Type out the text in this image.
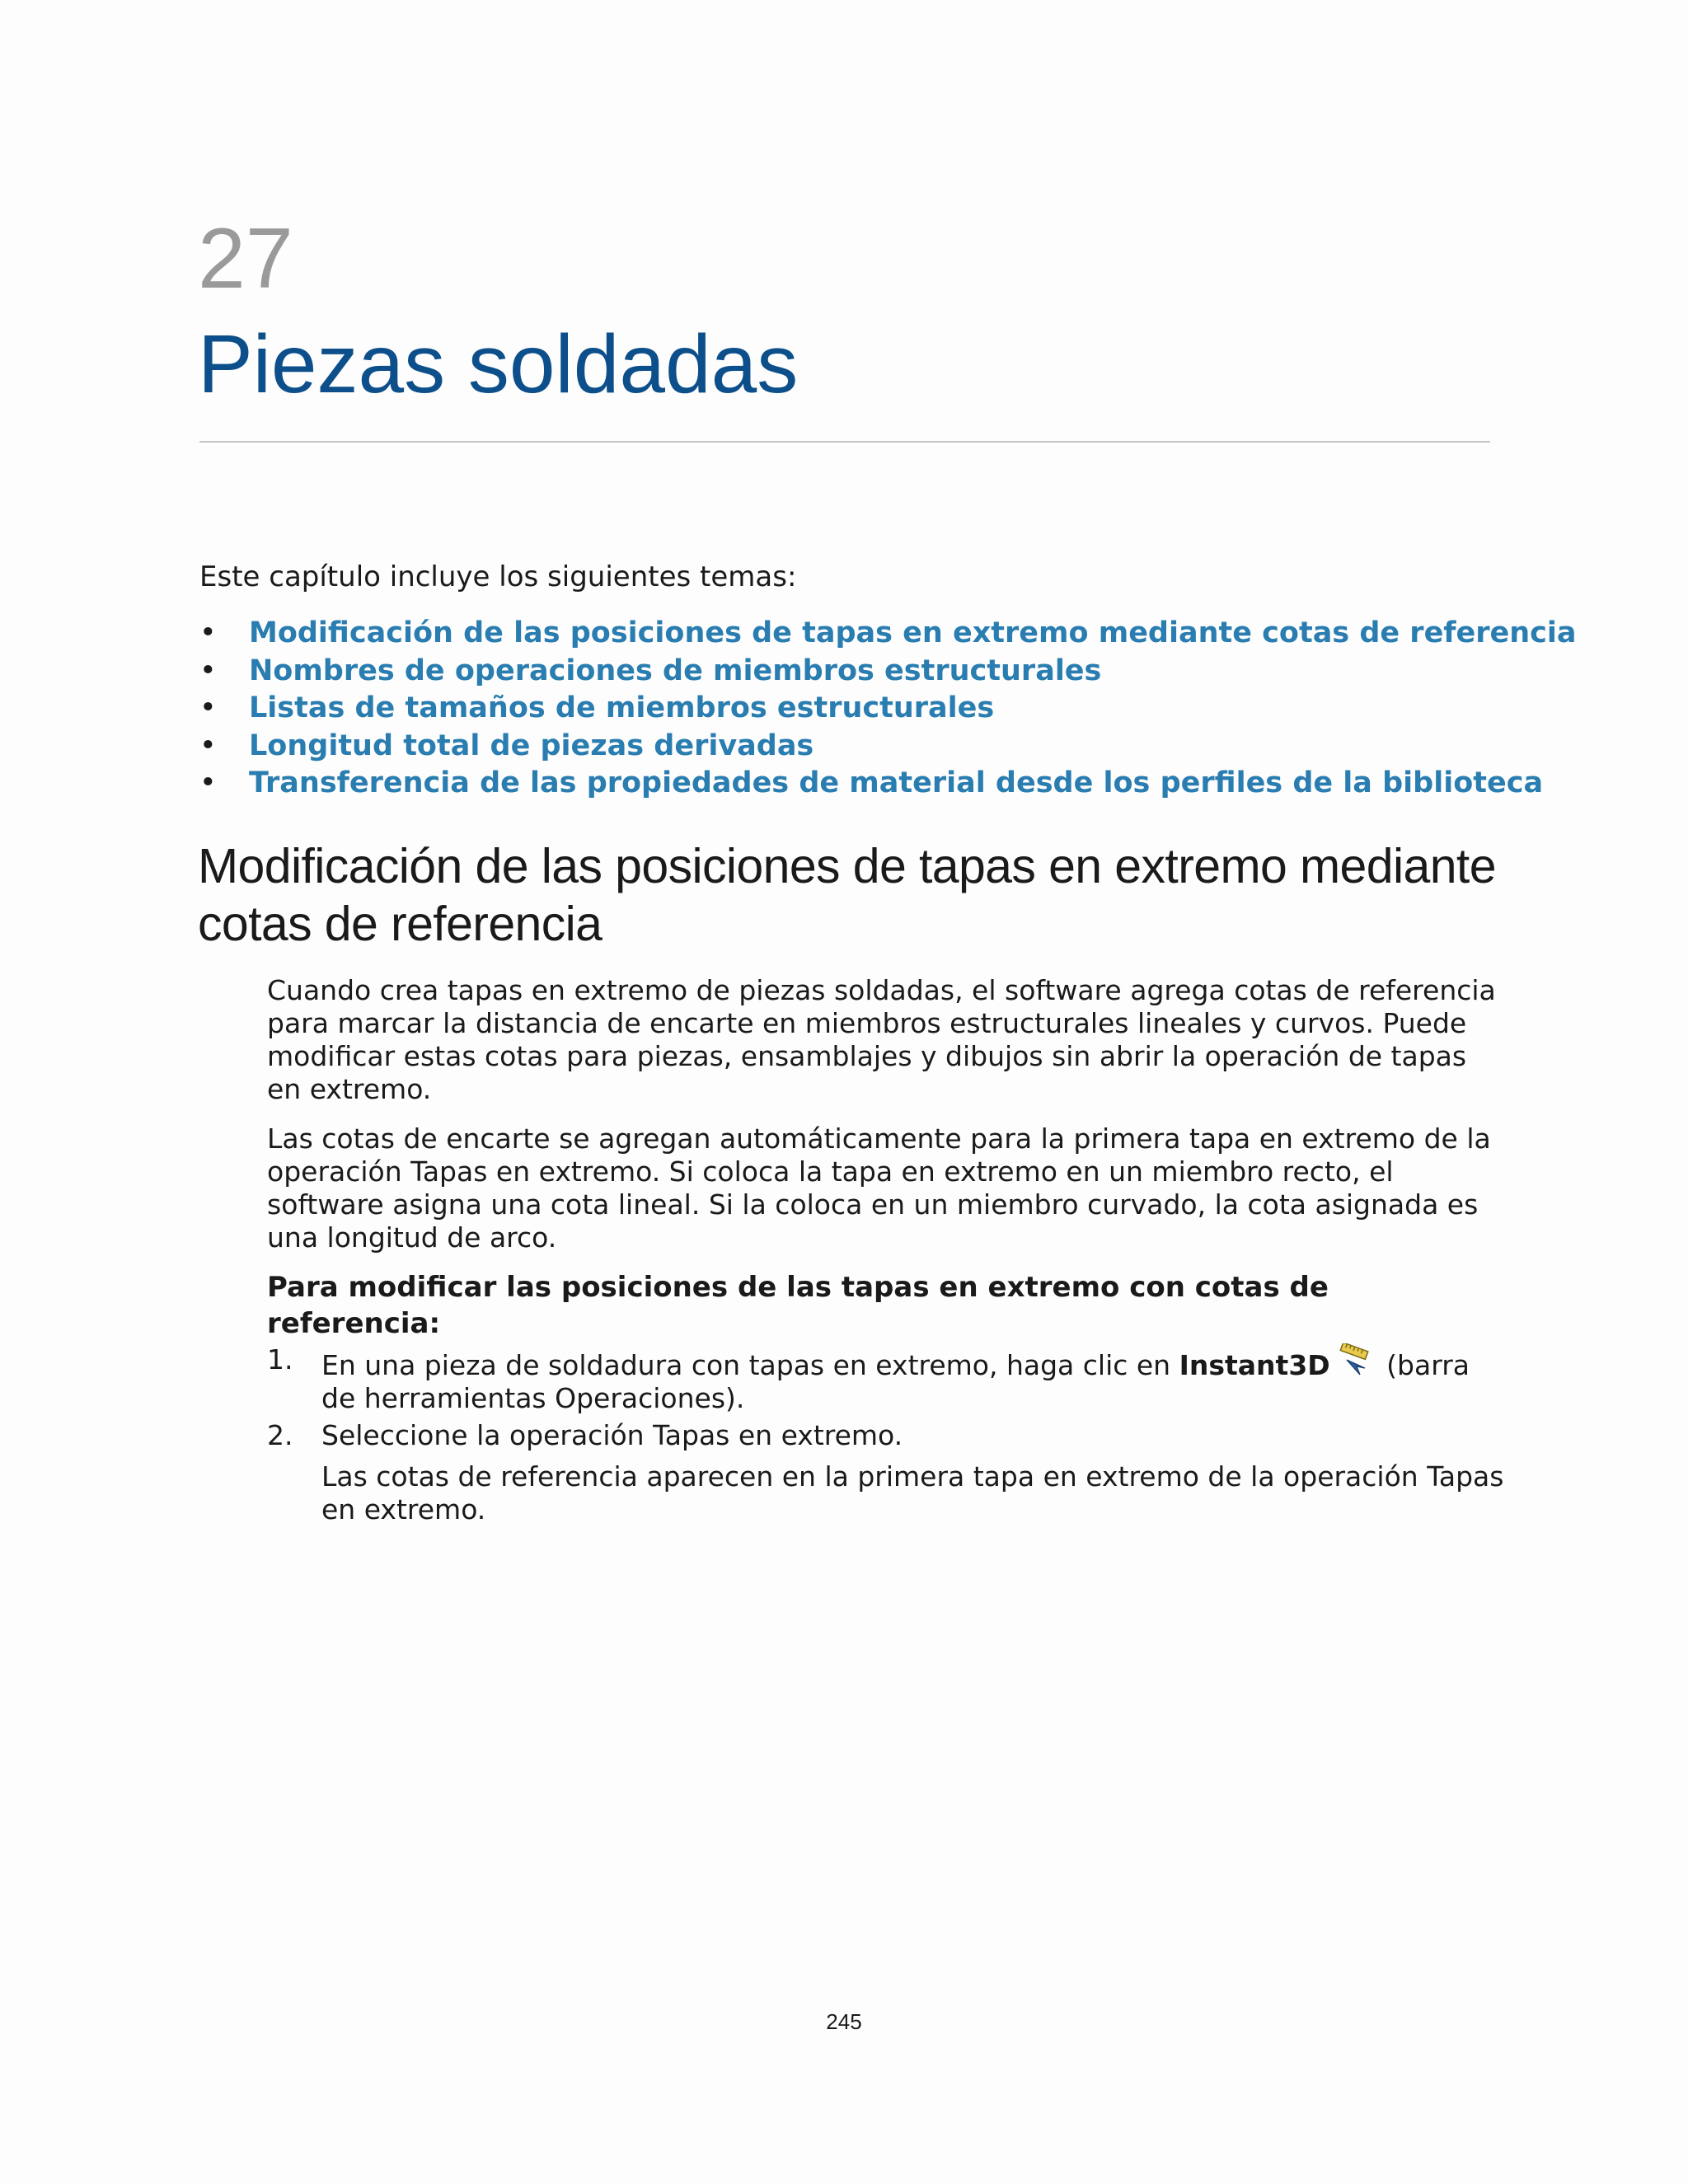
27
Piezas soldadas
Este capítulo incluye los siguientes temas:
• Modificación de las posiciones de tapas en extremo mediante cotas de referencia
• Nombres de operaciones de miembros estructurales
• Listas de tamaños de miembros estructurales
• Longitud total de piezas derivadas
• Transferencia de las propiedades de material desde los perfiles de la biblioteca
Modificación de las posiciones de tapas en extremo mediante cotas de referencia

Cuando crea tapas en extremo de piezas soldadas, el software agrega cotas de referencia para marcar la distancia de encarte en miembros estructurales lineales y curvos. Puede modificar estas cotas para piezas, ensamblajes y dibujos sin abrir la operación de tapas en extremo.

Las cotas de encarte se agregan automáticamente para la primera tapa en extremo de la operación Tapas en extremo. Si coloca la tapa en extremo en un miembro recto, el software asigna una cota lineal. Si la coloca en un miembro curvado, la cota asignada es una longitud de arco.

Para modificar las posiciones de las tapas en extremo con cotas de referencia:
1. En una pieza de soldadura con tapas en extremo, haga clic en Instant3D (barra de herramientas Operaciones).
2. Seleccione la operación Tapas en extremo.
Las cotas de referencia aparecen en la primera tapa en extremo de la operación Tapas en extremo.
245
